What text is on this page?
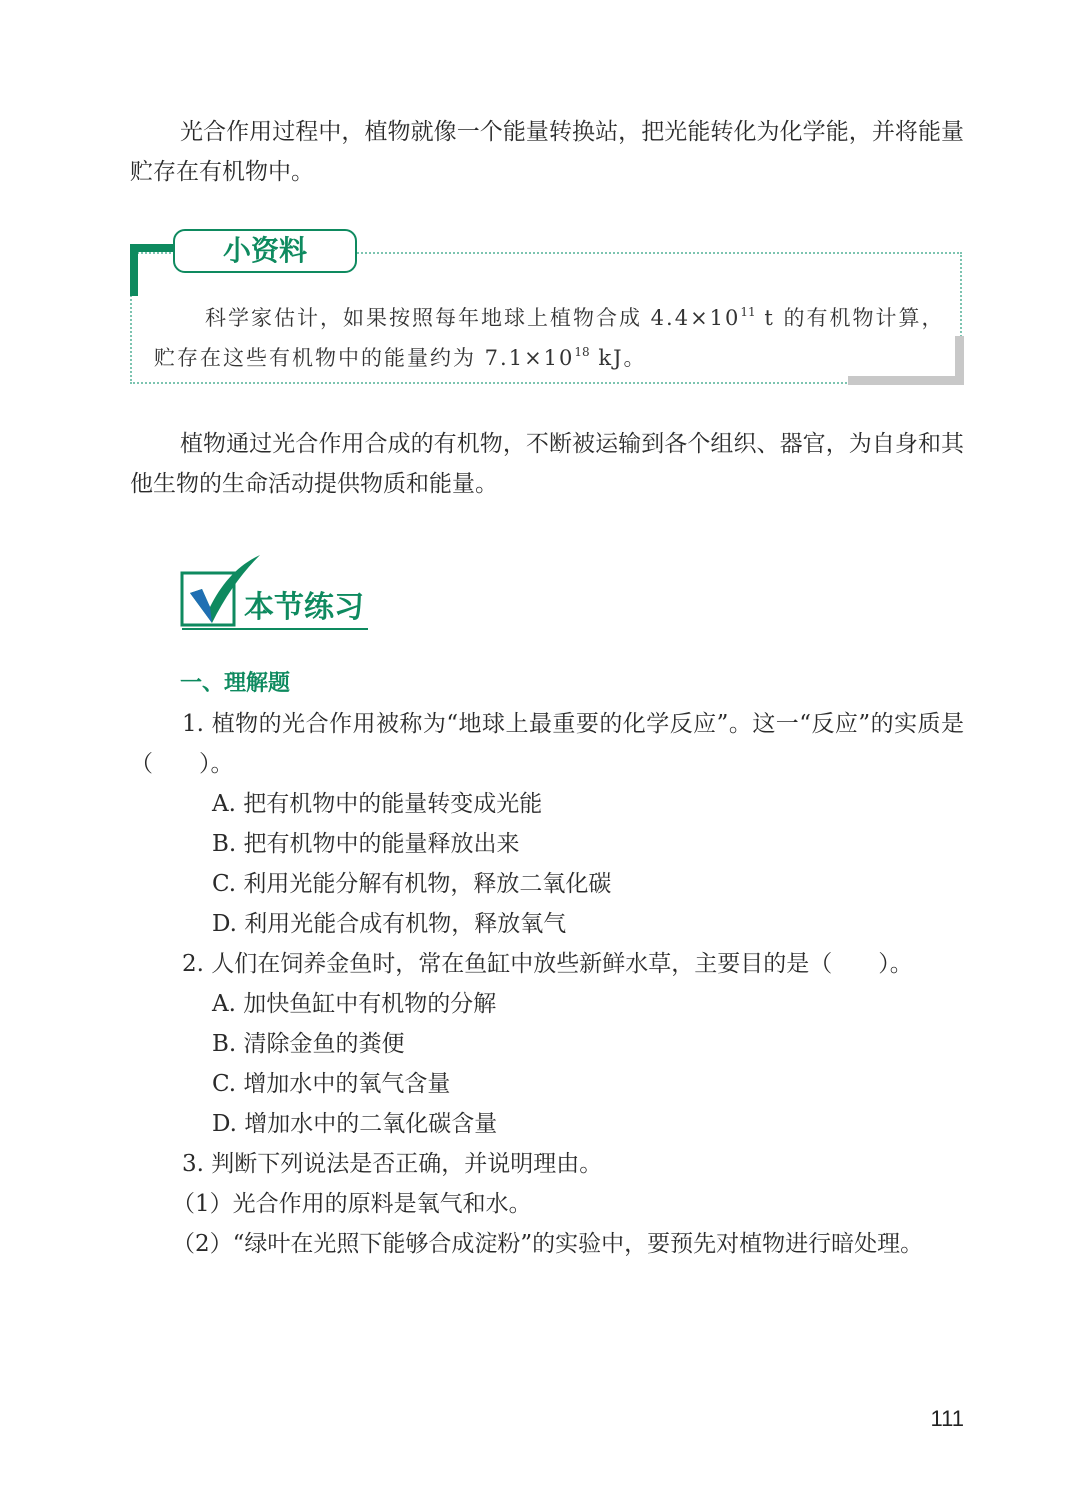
光合作用过程中，植物就像一个能量转换站，把光能转化为化学能，并将能量贮存在有机物中。
小资料
科学家估计，如果按照每年地球上植物合成 $4.4\times 10^{11}$ t 的有机物计算，
贮存在这些有机物中的能量约为 $7.1\times 10^{18}$ kJ。
植物通过光合作用合成的有机物，不断被运输到各个组织、器官，为自身和其他生物的生命活动提供物质和能量。
本节练习
一、理解题
1. 植物的光合作用被称为“地球上最重要的化学反应”。这一“反应”的实质是（　　）。
A. 把有机物中的能量转变成光能
B. 把有机物中的能量释放出来
C. 利用光能分解有机物，释放二氧化碳
D. 利用光能合成有机物，释放氧气
2. 人们在饲养金鱼时，常在鱼缸中放些新鲜水草，主要目的是（　　）。
A. 加快鱼缸中有机物的分解
B. 清除金鱼的粪便
C. 增加水中的氧气含量
D. 增加水中的二氧化碳含量
3. 判断下列说法是否正确，并说明理由。
（1）光合作用的原料是氧气和水。
（2）“绿叶在光照下能够合成淀粉”的实验中，要预先对植物进行暗处理。
111
